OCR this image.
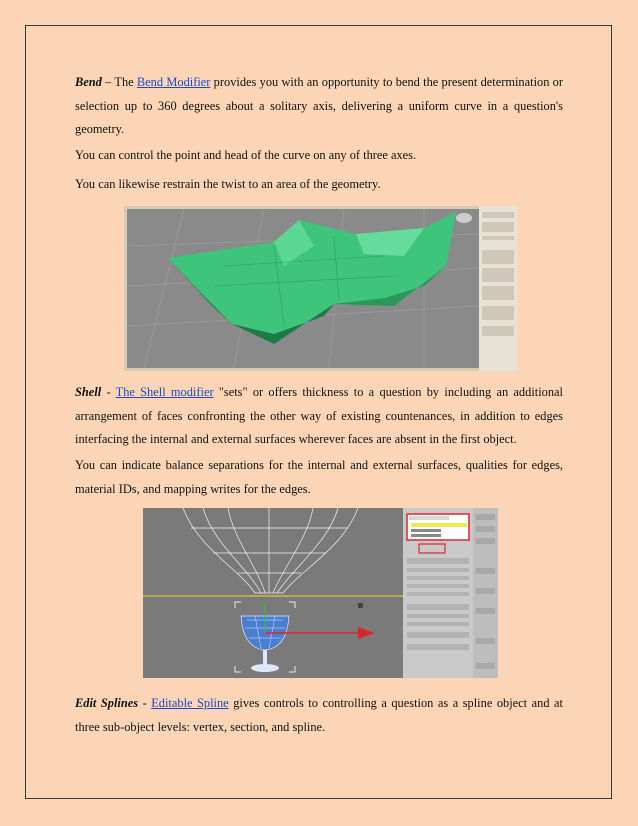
Bend – The Bend Modifier provides you with an opportunity to bend the present determination or selection up to 360 degrees about a solitary axis, delivering a uniform curve in a question's geometry.

You can control the point and head of the curve on any of three axes.

You can likewise restrain the twist to an area of the geometry.

Shell - The Shell modifier "sets" or offers thickness to a question by including an additional arrangement of faces confronting the other way of existing countenances, in addition to edges interfacing the internal and external surfaces wherever faces are absent in the first object.

You can indicate balance separations for the internal and external surfaces, qualities for edges, material IDs, and mapping writes for the edges.

Edit Splines - Editable Spline gives controls to controlling a question as a spline object and at three sub-object levels: vertex, section, and spline.
